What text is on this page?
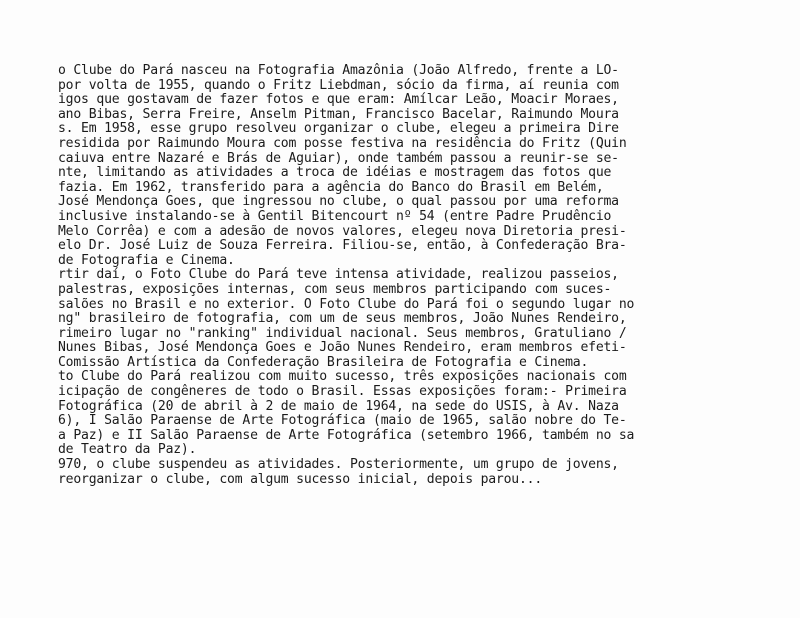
o Clube do Pará nasceu na Fotografia Amazônia (João Alfredo, frente a LO-
por volta de 1955, quando o Fritz Liebdman, sócio da firma, aí reunia com
igos que gostavam de fazer fotos e que eram: Amílcar Leão, Moacir Moraes,
ano Bibas, Serra Freire, Anselm Pitman, Francisco Bacelar, Raimundo Moura
s. Em 1958, esse grupo resolveu organizar o clube, elegeu a primeira Dire
residida por Raimundo Moura com posse festiva na residência do Fritz (Quin
caiuva entre Nazaré e Brás de Aguiar), onde também passou a reunir-se se-
nte, limitando as atividades a troca de idéias e mostragem das fotos que
fazia. Em 1962, transferido para a agência do Banco do Brasil em Belém,
José Mendonça Goes, que ingressou no clube, o qual passou por uma reforma
inclusive instalando-se à Gentil Bitencourt nº 54 (entre Padre Prudêncio
Melo Corrêa) e com a adesão de novos valores, elegeu nova Diretoria presi-
elo Dr. José Luiz de Souza Ferreira. Filiou-se, então, à Confederação Bra-
de Fotografia e Cinema.
rtir daí, o Foto Clube do Pará teve intensa atividade, realizou passeios,
palestras, exposições internas, com seus membros participando com suces-
salões no Brasil e no exterior. O Foto Clube do Pará foi o segundo lugar no
ng" brasileiro de fotografia, com um de seus membros, João Nunes Rendeiro,
rimeiro lugar no "ranking" individual nacional. Seus membros, Gratuliano /
Nunes Bibas, José Mendonça Goes e João Nunes Rendeiro, eram membros efeti-
Comissão Artística da Confederação Brasileira de Fotografia e Cinema.
to Clube do Pará realizou com muito sucesso, três exposições nacionais com
icipação de congêneres de todo o Brasil. Essas exposições foram:- Primeira
Fotográfica (20 de abril à 2 de maio de 1964, na sede do USIS, à Av. Naza
6), I Salão Paraense de Arte Fotográfica (maio de 1965, salão nobre do Te-
a Paz) e II Salão Paraense de Arte Fotográfica (setembro 1966, também no sa
de Teatro da Paz).
970, o clube suspendeu as atividades. Posteriormente, um grupo de jovens,
reorganizar o clube, com algum sucesso inicial, depois parou...
